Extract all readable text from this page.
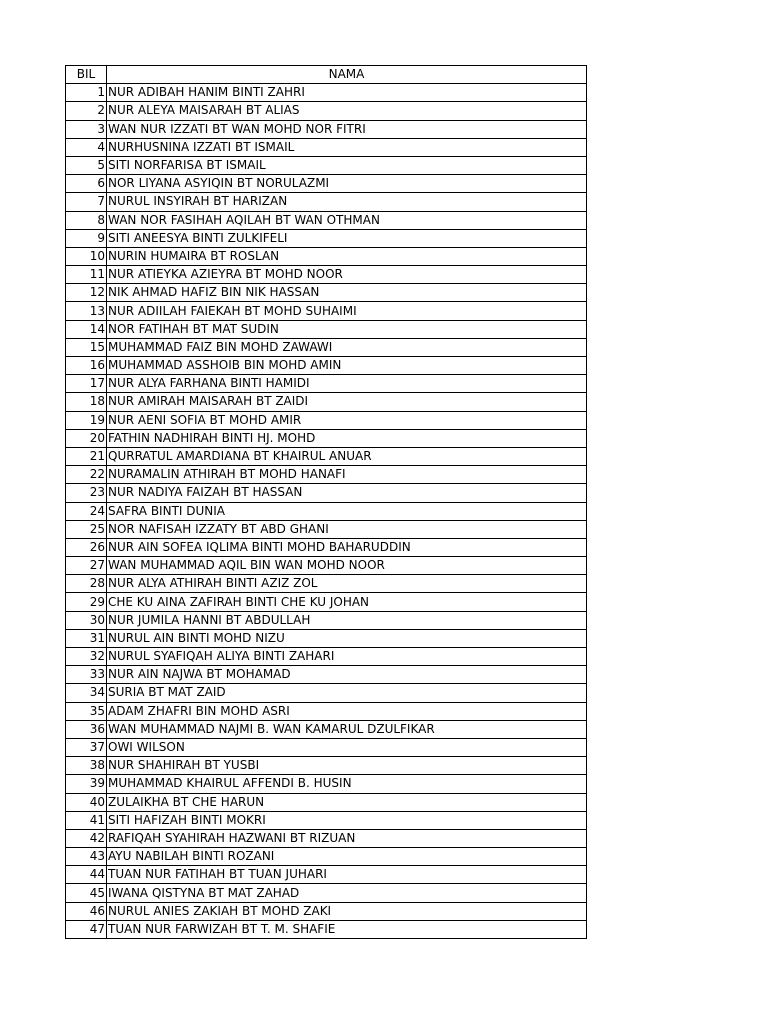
BIL	NAMA
1	NUR ADIBAH HANIM BINTI ZAHRI
2	NUR ALEYA MAISARAH BT ALIAS
3	WAN NUR IZZATI BT WAN MOHD NOR FITRI
4	NURHUSNINA IZZATI BT ISMAIL
5	SITI NORFARISA BT ISMAIL
6	NOR LIYANA ASYIQIN BT NORULAZMI
7	NURUL INSYIRAH BT HARIZAN
8	WAN NOR FASIHAH AQILAH BT WAN OTHMAN
9	SITI ANEESYA BINTI ZULKIFELI
10	NURIN HUMAIRA BT ROSLAN
11	NUR ATIEYKA AZIEYRA BT MOHD NOOR
12	NIK AHMAD HAFIZ BIN NIK HASSAN
13	NUR ADIILAH FAIEKAH BT MOHD SUHAIMI
14	NOR FATIHAH BT MAT SUDIN
15	MUHAMMAD FAIZ BIN MOHD ZAWAWI
16	MUHAMMAD ASSHOIB BIN MOHD AMIN
17	NUR ALYA FARHANA BINTI HAMIDI
18	NUR AMIRAH MAISARAH BT ZAIDI
19	NUR AENI SOFIA BT MOHD AMIR
20	FATHIN NADHIRAH BINTI HJ. MOHD
21	QURRATUL AMARDIANA BT KHAIRUL ANUAR
22	NURAMALIN ATHIRAH BT MOHD HANAFI
23	NUR NADIYA FAIZAH BT HASSAN
24	SAFRA BINTI DUNIA
25	NOR NAFISAH IZZATY BT ABD GHANI
26	NUR AIN SOFEA IQLIMA BINTI MOHD BAHARUDDIN
27	WAN MUHAMMAD AQIL BIN WAN MOHD NOOR
28	NUR ALYA ATHIRAH BINTI AZIZ ZOL
29	CHE KU AINA ZAFIRAH BINTI CHE KU JOHAN
30	NUR JUMILA HANNI BT ABDULLAH
31	NURUL AIN BINTI MOHD NIZU
32	NURUL SYAFIQAH ALIYA BINTI ZAHARI
33	NUR AIN NAJWA BT MOHAMAD
34	SURIA BT MAT ZAID
35	ADAM ZHAFRI BIN MOHD ASRI
36	WAN MUHAMMAD NAJMI B. WAN KAMARUL DZULFIKAR
37	OWI WILSON
38	NUR SHAHIRAH BT YUSBI
39	MUHAMMAD KHAIRUL AFFENDI B. HUSIN
40	ZULAIKHA BT CHE HARUN
41	SITI HAFIZAH BINTI MOKRI
42	RAFIQAH SYAHIRAH HAZWANI BT RIZUAN
43	AYU NABILAH BINTI ROZANI
44	TUAN NUR FATIHAH BT TUAN JUHARI
45	IWANA QISTYNA BT MAT ZAHAD
46	NURUL ANIES ZAKIAH BT MOHD ZAKI
47	TUAN NUR FARWIZAH BT T. M. SHAFIE
